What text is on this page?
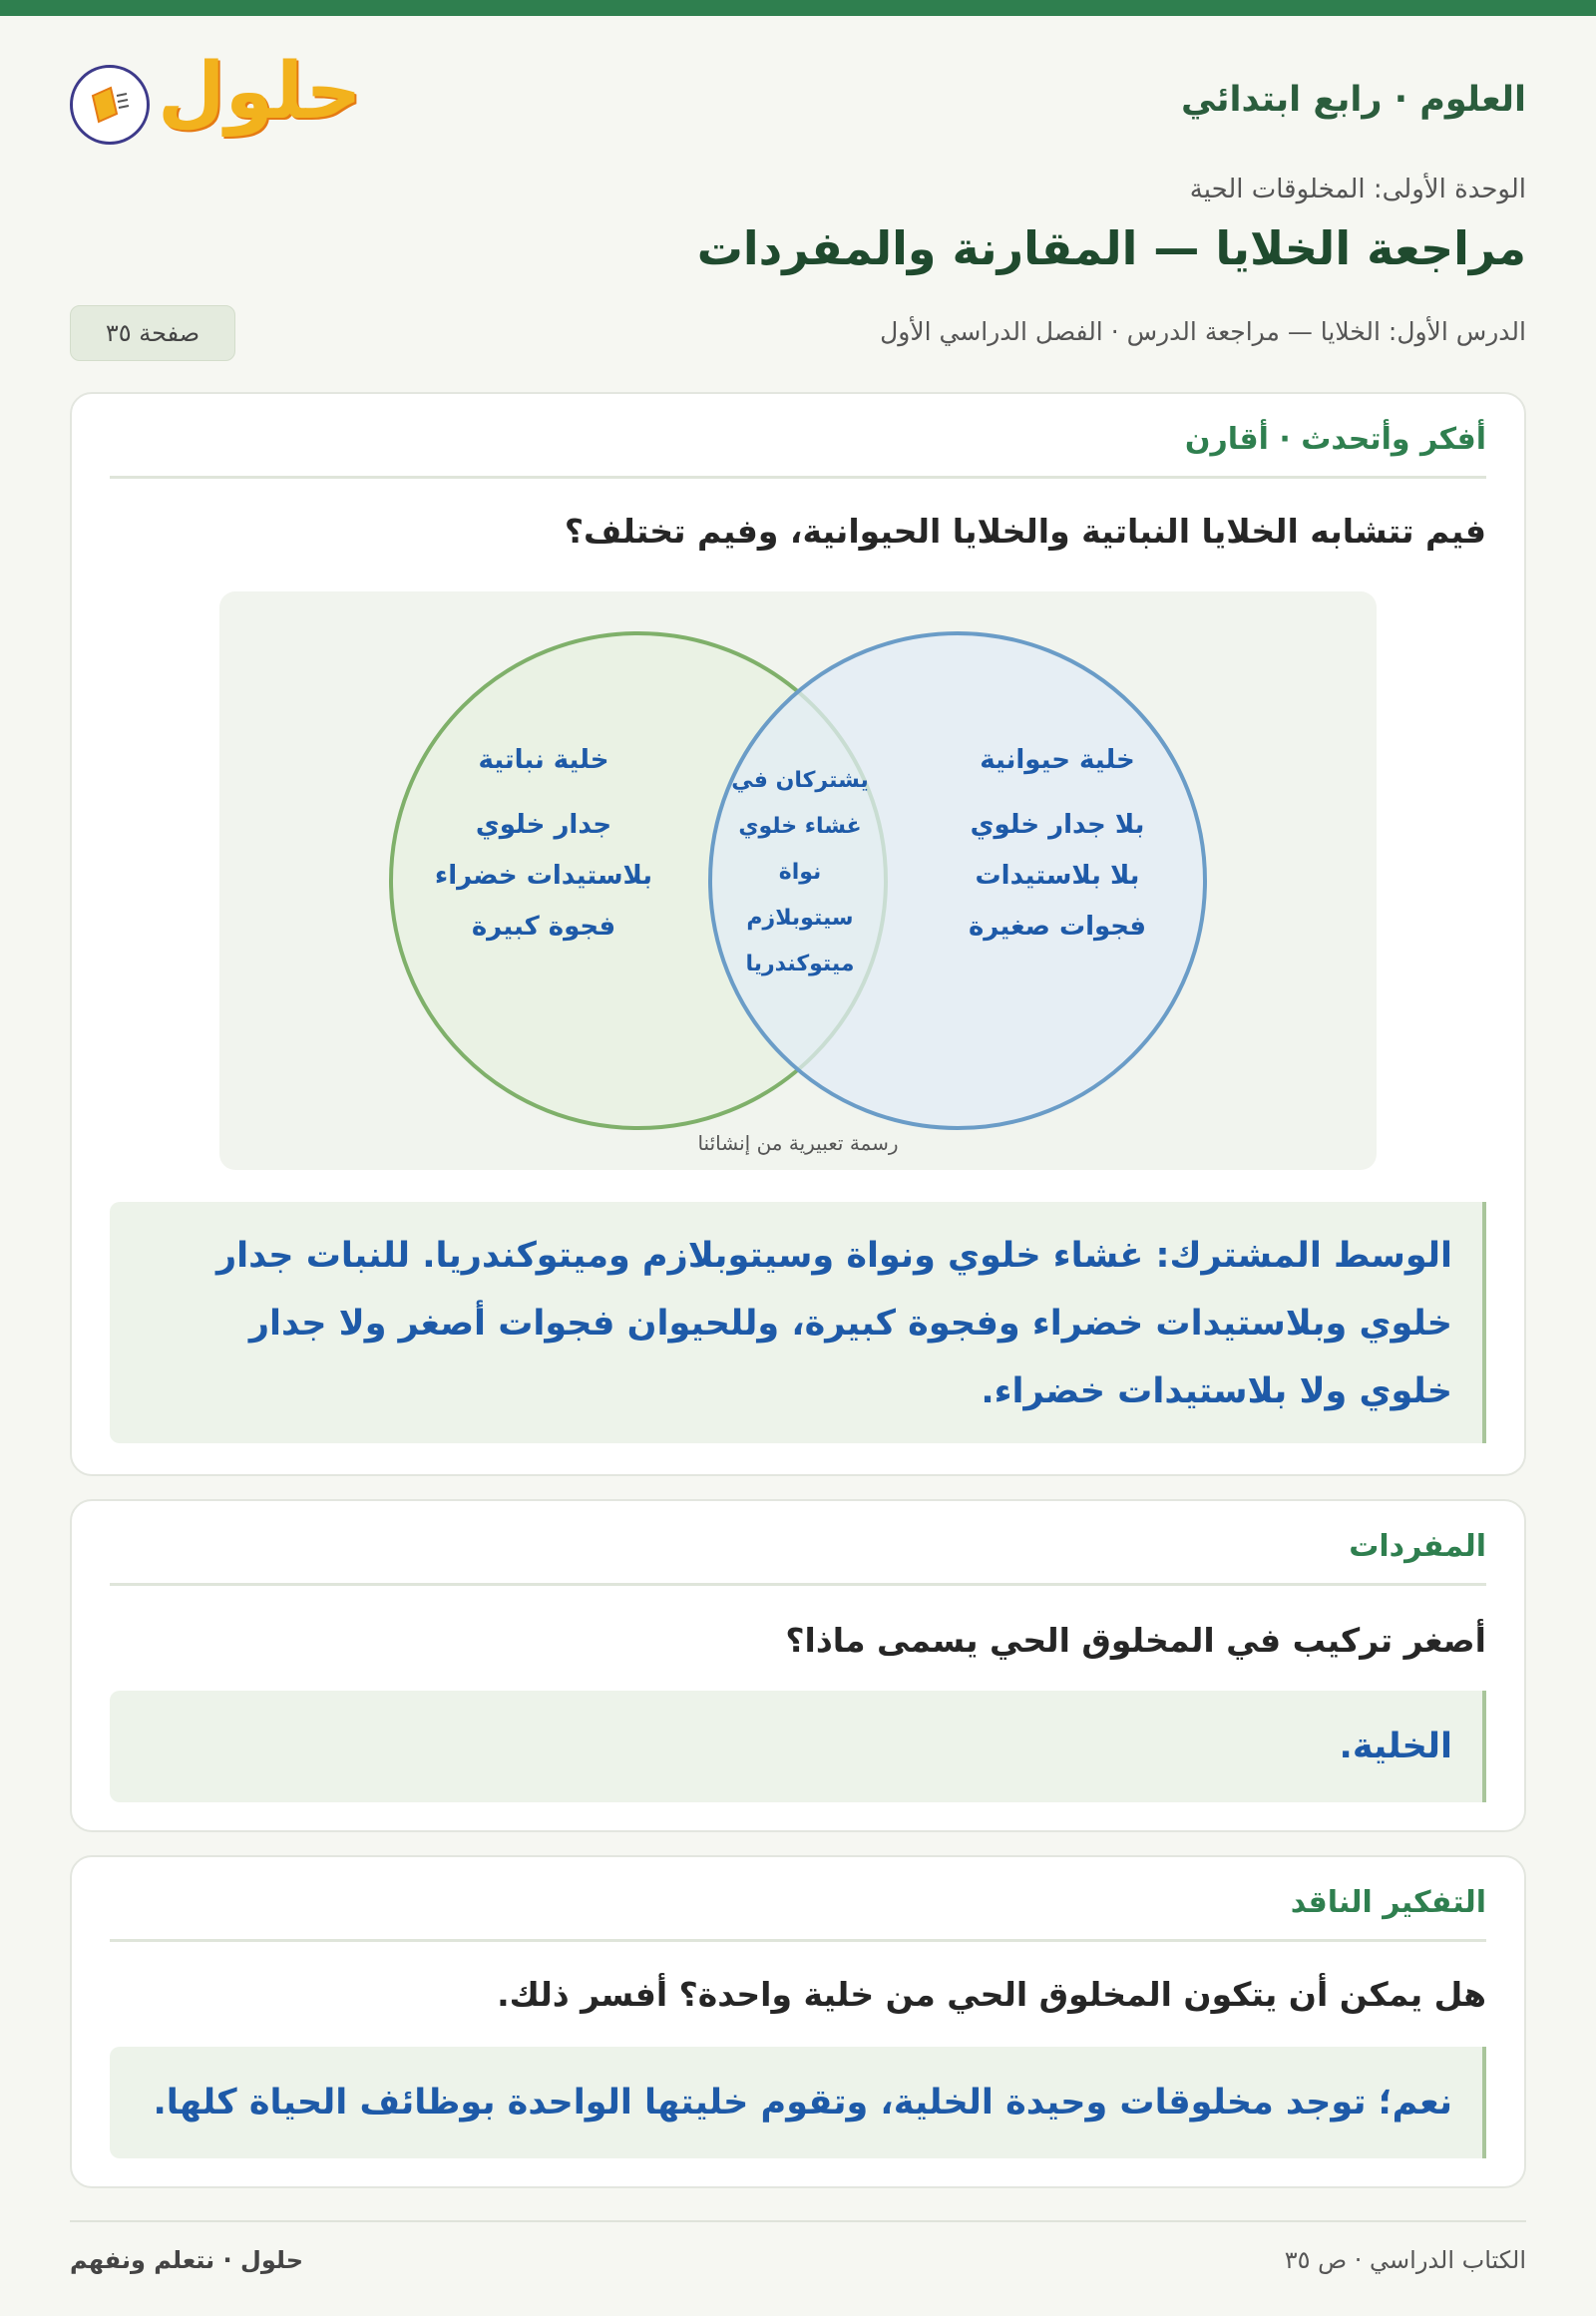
العلوم · رابع ابتدائي
حلول
الوحدة الأولى: المخلوقات الحية
مراجعة الخلايا — المقارنة والمفردات
الدرس الأول: الخلايا — مراجعة الدرس · الفصل الدراسي الأول
صفحة ٣٥
أفكر وأتحدث · أقارن
فيم تتشابه الخلايا النباتية والخلايا الحيوانية، وفيم تختلف؟
خلية نباتية
جدار خلوي
بلاستيدات خضراء
فجوة كبيرة
خلية حيوانية
بلا جدار خلوي
بلا بلاستيدات
فجوات صغيرة
يشتركان في
غشاء خلوي
نواة
سيتوبلازم
ميتوكندريا
رسمة تعبيرية من إنشائنا
الوسط المشترك: غشاء خلوي ونواة وسيتوبلازم وميتوكندريا. للنبات جدار
خلوي وبلاستيدات خضراء وفجوة كبيرة، وللحيوان فجوات أصغر ولا جدار
خلوي ولا بلاستيدات خضراء.
المفردات
أصغر تركيب في المخلوق الحي يسمى ماذا؟
الخلية.
التفكير الناقد
هل يمكن أن يتكون المخلوق الحي من خلية واحدة؟ أفسر ذلك.
نعم؛ توجد مخلوقات وحيدة الخلية، وتقوم خليتها الواحدة بوظائف الحياة كلها.
الكتاب الدراسي · ص ٣٥
حلول · نتعلم ونفهم
